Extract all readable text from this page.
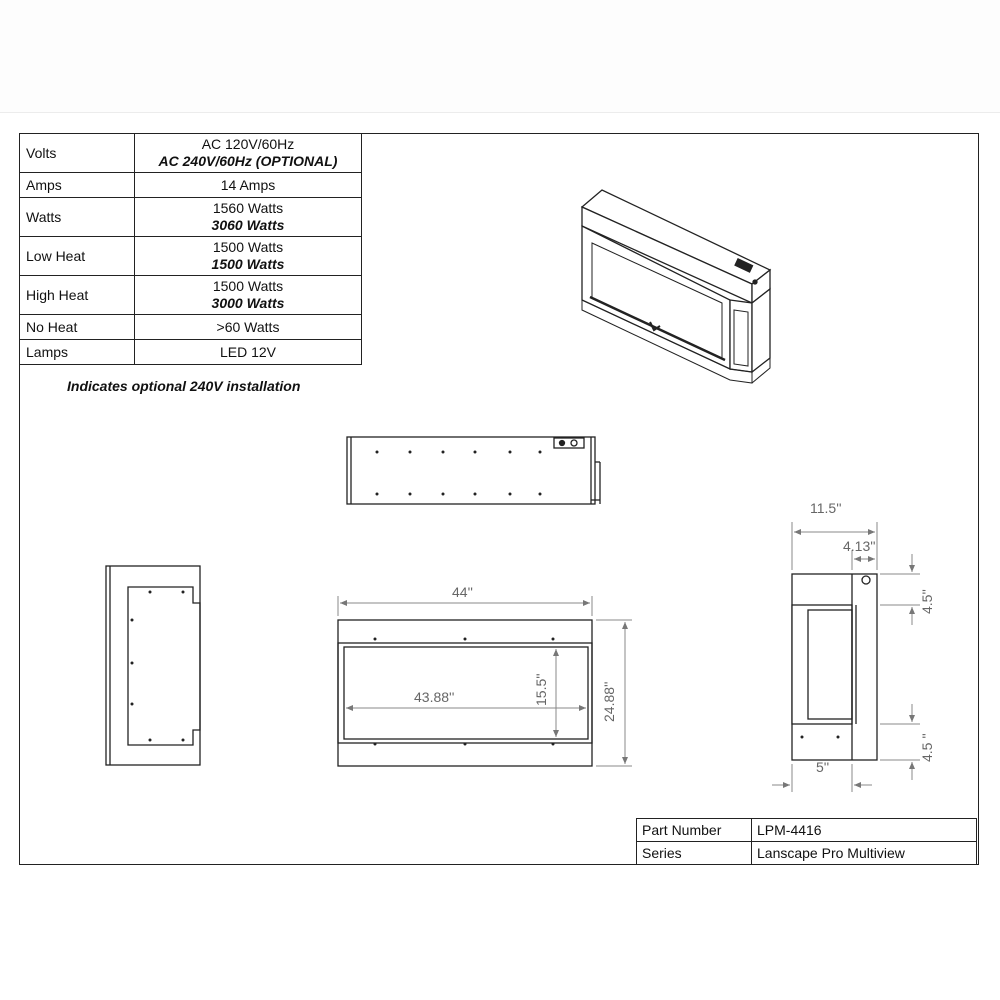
Volts	AC 120V/60Hz
AC 240V/60Hz (OPTIONAL)

Amps	14 Amps
Watts	1560 Watts
3060 Watts

Low Heat	1500 Watts
1500 Watts

High Heat	1500 Watts
3000 Watts

No Heat	>60 Watts
Lamps	LED 12V
Indicates optional 240V installation
44''
43.88''	15.5''	24.88''
11.5''
4.13''
4.5''
4.5 ''
5''
Part Number	LPM-4416
Series	Lanscape Pro Multiview
